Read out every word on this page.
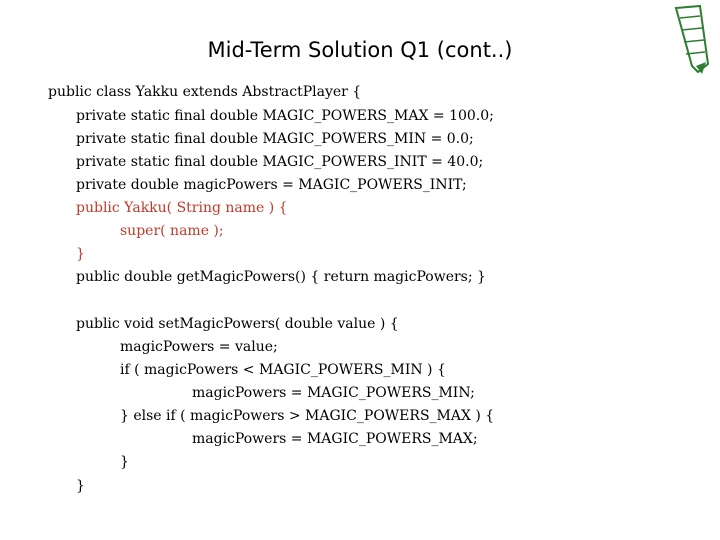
Mid-Term Solution Q1 (cont..)
public class Yakku extends AbstractPlayer {
private static final double MAGIC_POWERS_MAX = 100.0;
private static final double MAGIC_POWERS_MIN = 0.0;
private static final double MAGIC_POWERS_INIT = 40.0;
private double magicPowers = MAGIC_POWERS_INIT;
public Yakku( String name ) {
super( name );
}
public double getMagicPowers() { return magicPowers; }
public void setMagicPowers( double value ) {
magicPowers = value;
if ( magicPowers < MAGIC_POWERS_MIN ) {
magicPowers = MAGIC_POWERS_MIN;
} else if ( magicPowers > MAGIC_POWERS_MAX ) {
magicPowers = MAGIC_POWERS_MAX;
}
}
